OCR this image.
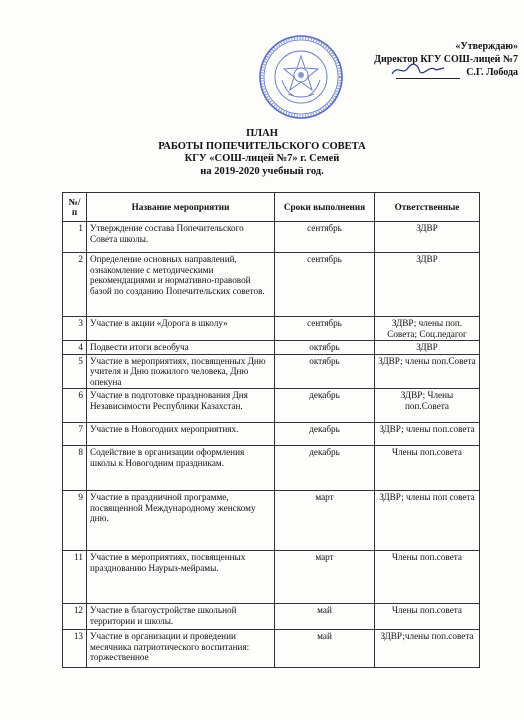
«Утверждаю»
Директор КГУ СОШ-лицей №7
С.Г. Лобода
ПЛАН
РАБОТЫ ПОПЕЧИТЕЛЬСКОГО СОВЕТА
КГУ «СОШ-лицей №7» г. Семей
на 2019-2020 учебный год.
№/п	Название мероприятии	Сроки выполнения	Ответственные
1	Утверждение состава Попечительского Совета школы.	сентябрь	ЗДВР
2	Определение основных направлений, ознакомление с методическими рекомендациями и нормативно-правовой базой по созданию Попечительских советов.	сентябрь	ЗДВР
3	Участие в акции «Дорога в школу»	сентябрь	ЗДВР; члены поп. Совета; Соц.педагог
4	Подвести итоги всеобуча	октябрь	ЗДВР
5	Участие в мероприятиях, посвященных Дню учителя и Дню пожилого человека, Дню опекуна	октябрь	ЗДВР; члены поп.Совета
6	Участие в подготовке празднования Дня Независимости Республики Казахстан.	декабрь	ЗДВР; Члены поп.Совета
7	Участие в Новогодних мероприятиях.	декабрь	ЗДВР; члены поп.совета
8	Содействие в организации оформления школы к Новогодним праздникам.	декабрь	Члены поп.совета
9	Участие в праздничной программе, посвященной Международному женскому дню.	март	ЗДВР; члены поп совета
11	Участие в мероприятиях, посвященных празднованию Наурыз-мейрамы.	март	Члены поп.совета
12	Участие в благоустройстве школьной территории и школы.	май	Члены поп.совета
13	Участие в организации и проведении месячника патриотического воспитания: торжественное	май	ЗДВР;члены поп.совета
